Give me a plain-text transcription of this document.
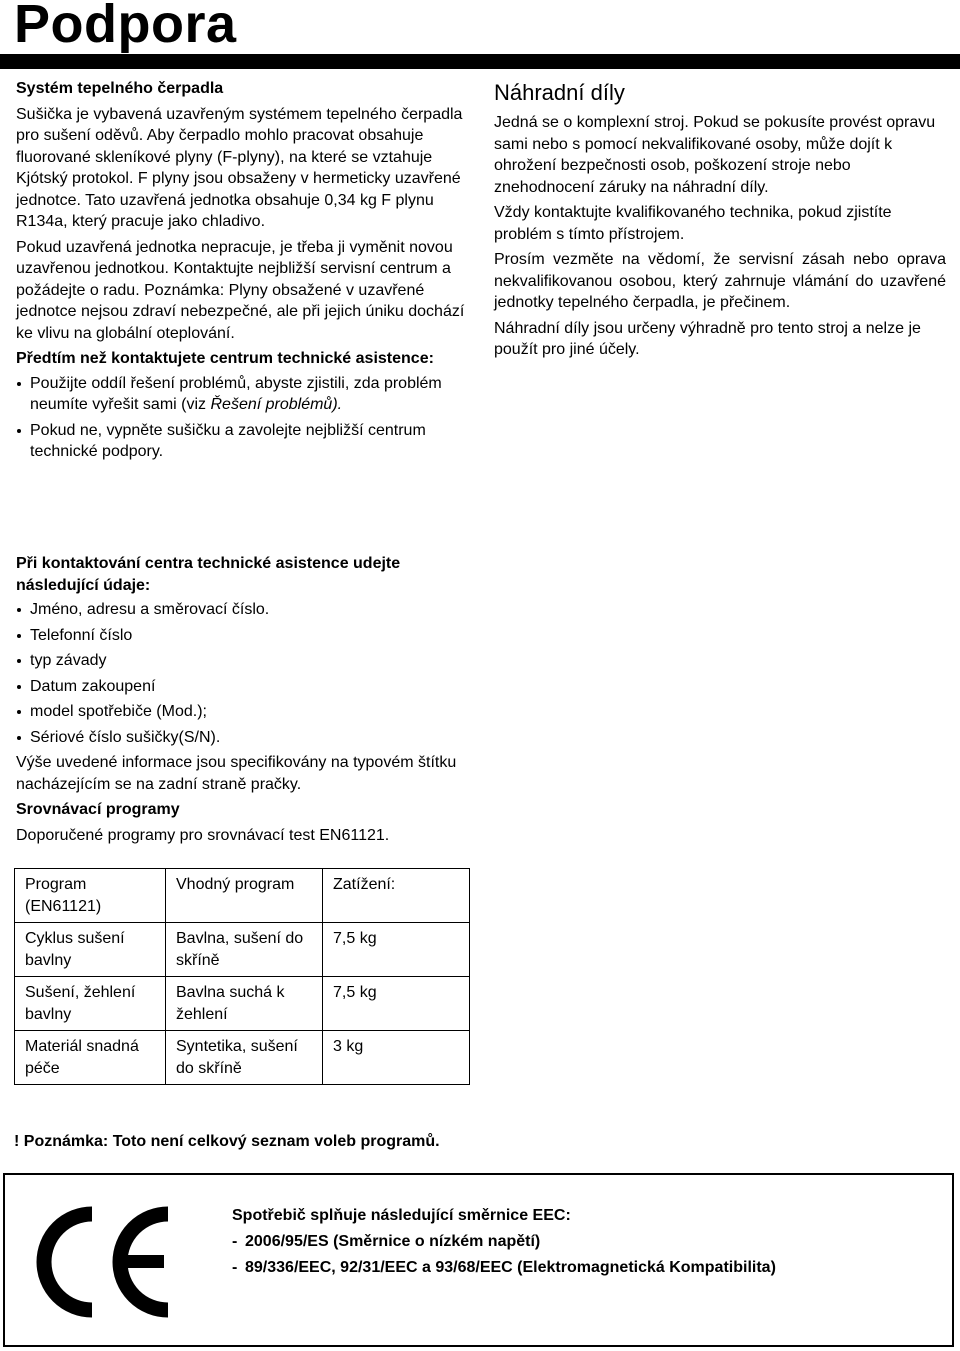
Podpora

Systém tepelného čerpadla

Sušička je vybavená uzavřeným systémem tepelného čerpadla pro sušení oděvů. Aby čerpadlo mohlo pracovat obsahuje fluorované skleníkové plyny (F-plyny), na které se vztahuje Kjótský protokol. F plyny jsou obsaženy v hermeticky uzavřené jednotce. Tato uzavřená jednotka obsahuje 0,34 kg F plynu R134a, který pracuje jako chladivo.

Pokud uzavřená jednotka nepracuje, je třeba ji vyměnit novou uzavřenou jednotkou. Kontaktujte nejbližší servisní centrum a požádejte o radu. Poznámka: Plyny obsažené v uzavřené jednotce nejsou zdraví nebezpečné, ale při jejich úniku dochází ke vlivu na globální oteplování.

Předtím než kontaktujete centrum technické asistence:

Použijte oddíl řešení problémů, abyste zjistili, zda problém neumíte vyřešit sami (viz Řešení problémů).
Pokud ne, vypněte sušičku a zavolejte nejbližší centrum technické podpory.

Náhradní díly

Jedná se o komplexní stroj. Pokud se pokusíte provést opravu sami nebo s pomocí nekvalifikované osoby, může dojít k ohrožení bezpečnosti osob, poškození stroje nebo znehodnocení záruky na náhradní díly.

Vždy kontaktujte kvalifikovaného technika, pokud zjistíte problém s tímto přístrojem.

Prosím vezměte na vědomí, že servisní zásah nebo oprava nekvalifikovanou osobou, který zahrnuje vlámání do uzavřené jednotky tepelného čerpadla, je přečinem.

Náhradní díly jsou určeny výhradně pro tento stroj a nelze je použít pro jiné účely.

Při kontaktování centra technické asistence udejte následující údaje:

Jméno, adresu a směrovací číslo.
Telefonní číslo
typ závady
Datum zakoupení
model spotřebiče (Mod.);
Sériové číslo sušičky(S/N).

Výše uvedené informace jsou specifikovány na typovém štítku nacházejícím se na zadní straně pračky.

Srovnávací programy

Doporučené programy pro srovnávací test EN61121.

Program (EN61121)	Vhodný program	Zatížení:
Cyklus sušení bavlny	Bavlna, sušení do skříně	7,5 kg
Sušení, žehlení bavlny	Bavlna suchá k žehlení	7,5 kg
Materiál snadná péče	Syntetika, sušení do skříně	3 kg
! Poznámka: Toto není celkový seznam voleb programů.

Spotřebič splňuje následující směrnice EEC:

- 2006/95/ES (Směrnice o nízkém napětí)

- 89/336/EEC, 92/31/EEC a 93/68/EEC (Elektromagnetická Kompatibilita)
